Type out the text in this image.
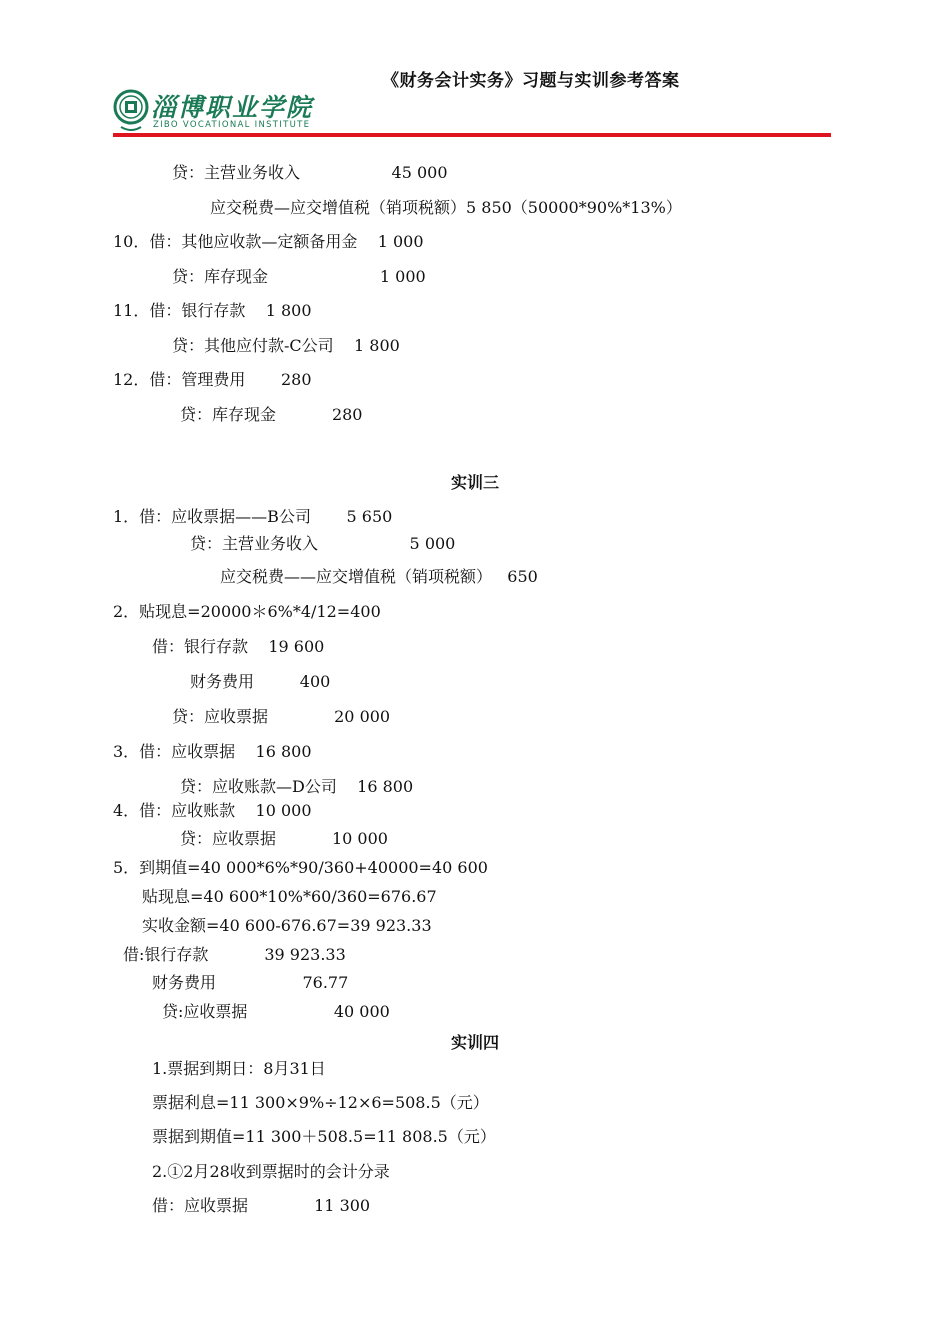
《财务会计实务》习题与实训参考答案
淄博职业学院
ZIBO VOCATIONAL INSTITUTE
贷：主营业务收入                  45 000
应交税费—应交增值税（销项税额）5 850（50000*90%*13%）
10．借：其他应收款—定额备用金    1 000
贷：库存现金                      1 000
11．借：银行存款    1 800
贷：其他应付款-C公司    1 800
12．借：管理费用       280
贷：库存现金           280
实训三
1．借：应收票据——B公司       5 650
贷：主营业务收入                  5 000
应交税费——应交增值税（销项税额）   650
2．贴现息=20000＊6%*4/12=400
借：银行存款    19 600
财务费用         400
贷：应收票据             20 000
3．借：应收票据    16 800
贷：应收账款—D公司    16 800
4．借：应收账款    10 000
贷：应收票据           10 000
5．到期值=40 000*6%*90/360+40000=40 600
贴现息=40 600*10%*60/360=676.67
实收金额=40 600-676.67=39 923.33
借:银行存款           39 923.33
财务费用                 76.77
贷:应收票据                 40 000
实训四
1.票据到期日：8月31日
票据利息=11 300×9%÷12×6=508.5（元）
票据到期值=11 300＋508.5=11 808.5（元）
2.①2月28收到票据时的会计分录
借：应收票据             11 300
